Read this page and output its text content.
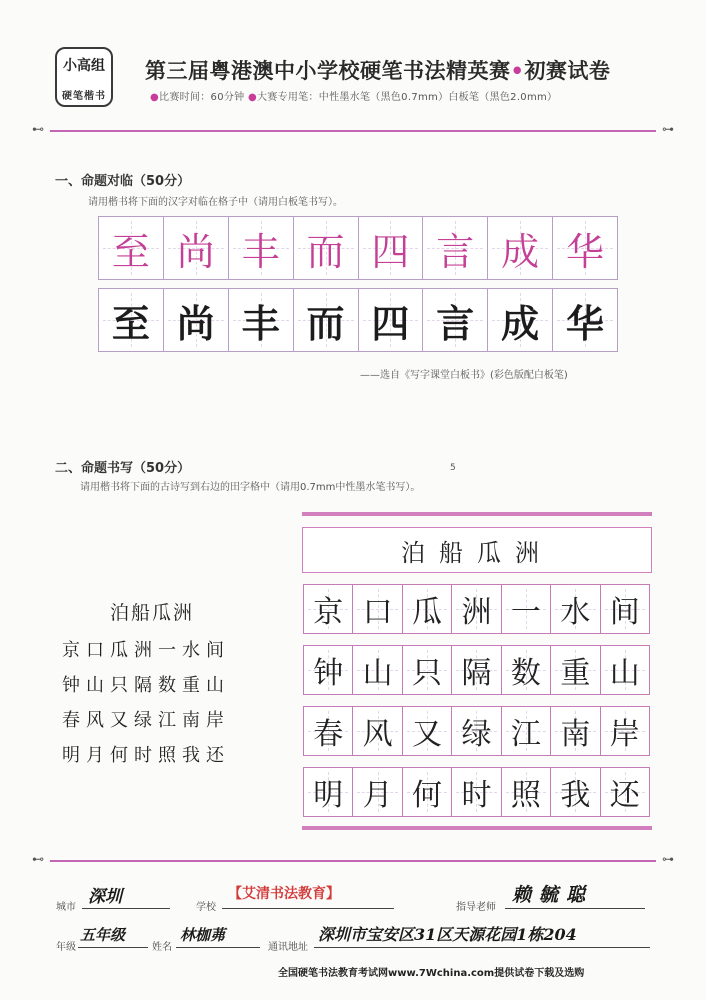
小高组
硬笔楷书
第三届粤港澳中小学校硬笔书法精英赛•初赛试卷
●比赛时间：60分钟 ●大赛专用笔：中性墨水笔（黑色0.7mm）白板笔（黑色2.0mm）
⊷	⊶
一、命题对临（50分）
请用楷书将下面的汉字对临在格子中（请用白板笔书写）。
至 尚 丰 而 四 言 成 华
至 尚 丰 而 四 言 成 华
——选自《写字课堂白板书》(彩色版配白板笔)
二、命题书写（50分）	5
请用楷书将下面的古诗写到右边的田字格中（请用0.7mm中性墨水笔书写）。
泊船瓜洲
京口瓜洲一水间
钟山只隔数重山
春风又绿江南岸
明月何时照我还
泊船瓜洲
京 口 瓜 洲 一 水 间
钟 山 只 隔 数 重 山
春 风 又 绿 江 南 岸
明 月 何 时 照 我 还
⊷	⊶
城市
深圳
学校
【艾清书法教育】
指导老师
赖毓聪
年级
五年级
姓名
林枷茀
通讯地址
深圳市宝安区31区天源花园1栋204
全国硬笔书法教育考试网www.7Wchina.com提供试卷下载及选购
